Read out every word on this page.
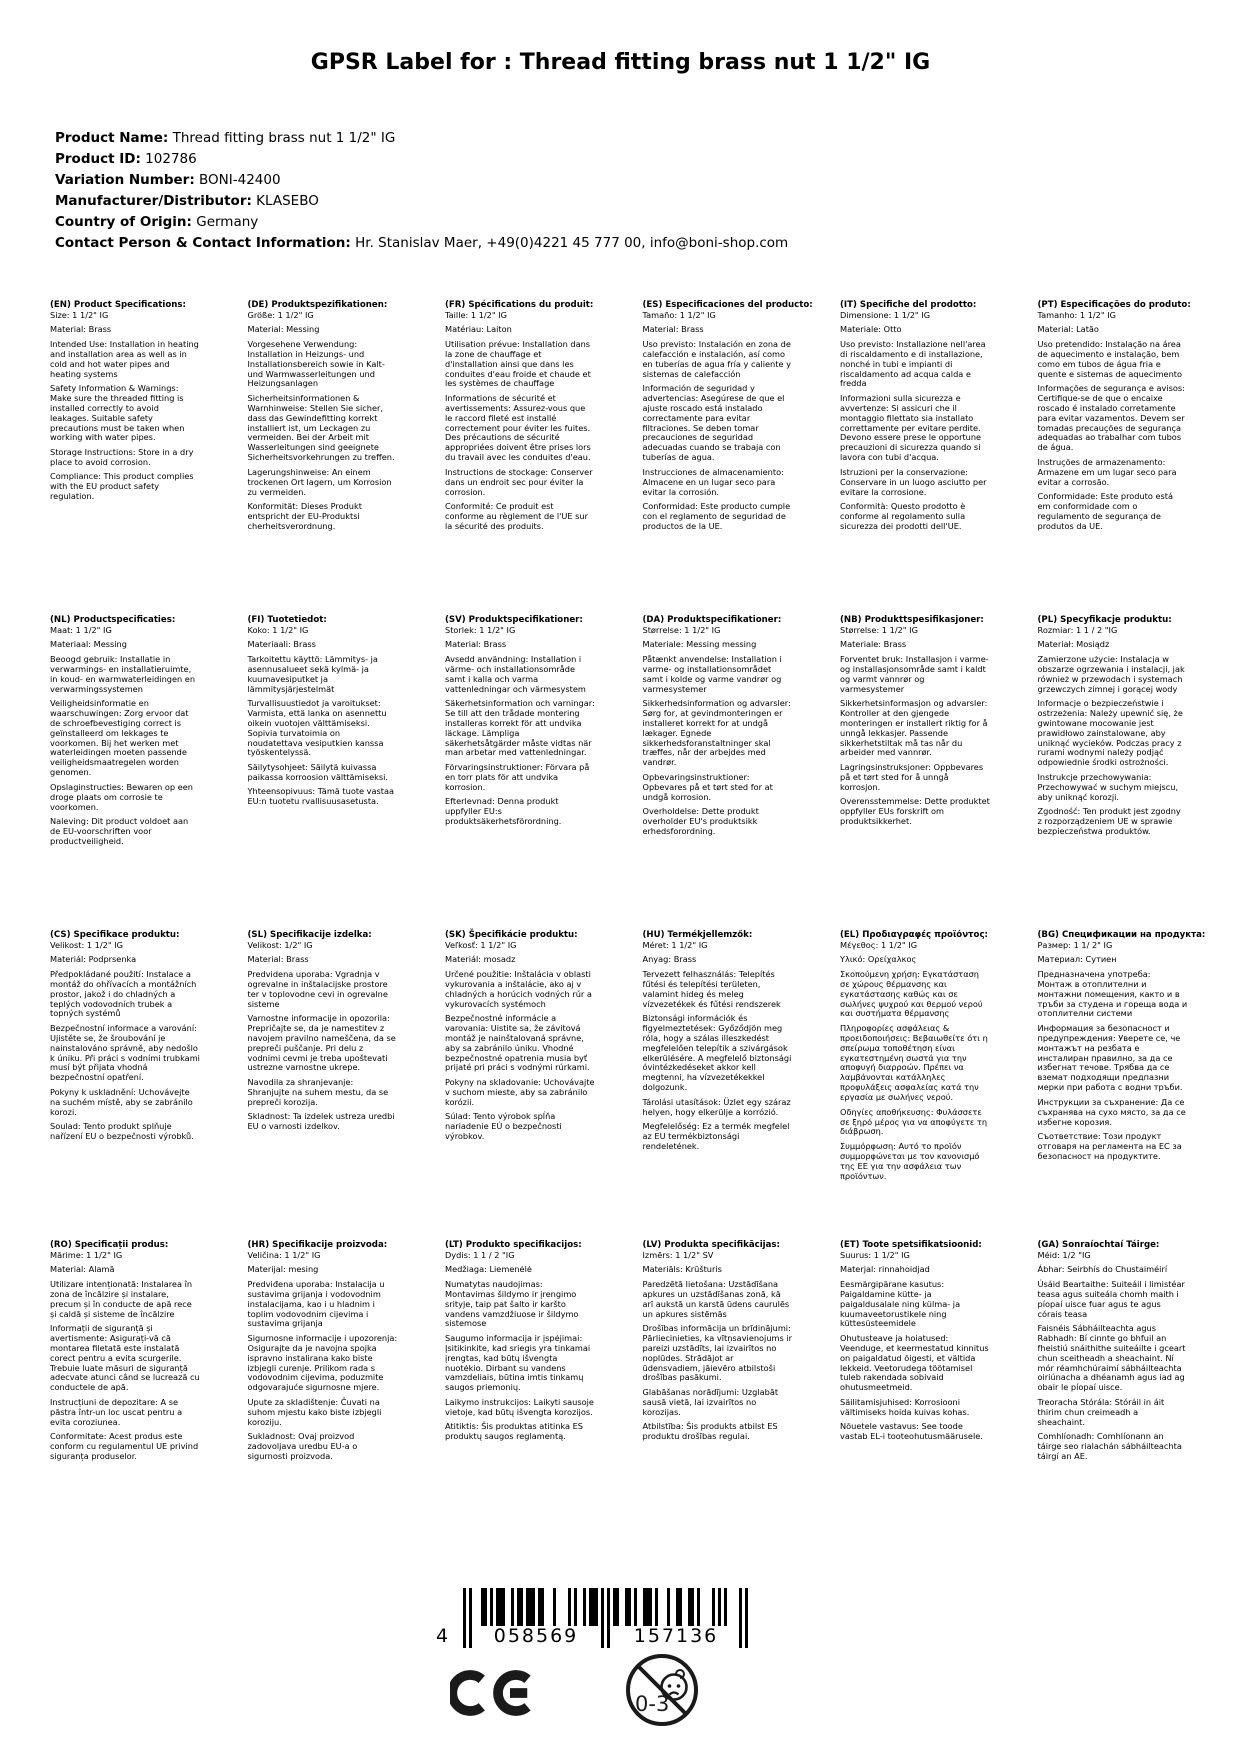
GPSR Label for : Thread fitting brass nut 1 1/2" IG
Product Name: Thread fitting brass nut 1 1/2" IG
Product ID: 102786
Variation Number: BONI-42400
Manufacturer/Distributor: KLASEBO
Country of Origin: Germany
Contact Person & Contact Information: Hr. Stanislav Maer, +49(0)4221 45 777 00, info@boni-shop.com
(EN) Product Specifications:

Size: 1 1/2" IG

Material: Brass

Intended Use: Installation in heating and installation area as well as in cold and hot water pipes and heating systems

Safety Information & Warnings: Make sure the threaded fitting is installed correctly to avoid leakages. Suitable safety precautions must be taken when working with water pipes.

Storage Instructions: Store in a dry place to avoid corrosion.

Compliance: This product complies with the EU product safety regulation.

(DE) Produktspezifikationen:

Größe: 1 1/2" IG

Material: Messing

Vorgesehene Verwendung: Installation in Heizungs- und Installationsbereich sowie in Kalt- und Warmwasserleitungen und Heizungsanlagen

Sicherheitsinformationen & Warnhinweise: Stellen Sie sicher, dass das Gewindefitting korrekt installiert ist, um Leckagen zu vermeiden. Bei der Arbeit mit Wasserleitungen sind geeignete Sicherheitsvorkehrungen zu treffen.

Lagerungshinweise: An einem trockenen Ort lagern, um Korrosion zu vermeiden.

Konformität: Dieses Produkt entspricht der EU-Produktsi cherheitsverordnung.

(FR) Spécifications du produit:

Taille: 1 1/2" IG

Matériau: Laiton

Utilisation prévue: Installation dans la zone de chauffage et d'installation ainsi que dans les conduites d'eau froide et chaude et les systèmes de chauffage

Informations de sécurité et avertissements: Assurez-vous que le raccord fileté est installé correctement pour éviter les fuites. Des précautions de sécurité appropriées doivent être prises lors du travail avec les conduites d'eau.

Instructions de stockage: Conserver dans un endroit sec pour éviter la corrosion.

Conformité: Ce produit est conforme au règlement de l'UE sur la sécurité des produits.

(ES) Especificaciones del producto:

Tamaño: 1 1/2" IG

Material: Brass

Uso previsto: Instalación en zona de calefacción e instalación, así como en tuberías de agua fría y caliente y sistemas de calefacción

Información de seguridad y advertencias: Asegúrese de que el ajuste roscado está instalado correctamente para evitar filtraciones. Se deben tomar precauciones de seguridad adecuadas cuando se trabaja con tuberías de agua.

Instrucciones de almacenamiento: Almacene en un lugar seco para evitar la corrosión.

Conformidad: Este producto cumple con el reglamento de seguridad de productos de la UE.

(IT) Specifiche del prodotto:

Dimensione: 1 1/2" IG

Materiale: Otto

Uso previsto: Installazione nell'area di riscaldamento e di installazione, nonché in tubi e impianti di riscaldamento ad acqua calda e fredda

Informazioni sulla sicurezza e avvertenze: Si assicuri che il montaggio filettato sia installato correttamente per evitare perdite. Devono essere prese le opportune precauzioni di sicurezza quando si lavora con tubi d'acqua.

Istruzioni per la conservazione: Conservare in un luogo asciutto per evitare la corrosione.

Conformità: Questo prodotto è conforme al regolamento sulla sicurezza dei prodotti dell'UE.

(PT) Especificações do produto:

Tamanho: 1 1/2" IG

Material: Latão

Uso pretendido: Instalação na área de aquecimento e instalação, bem como em tubos de água fria e quente e sistemas de aquecimento

Informações de segurança e avisos: Certifique-se de que o encaixe roscado é instalado corretamente para evitar vazamentos. Devem ser tomadas precauções de segurança adequadas ao trabalhar com tubos de água.

Instruções de armazenamento: Armazene em um lugar seco para evitar a corrosão.

Conformidade: Este produto está em conformidade com o regulamento de segurança de produtos da UE.

(NL) Productspecificaties:

Maat: 1 1/2" IG

Materiaal: Messing

Beoogd gebruik: Installatie in verwarmings- en installatieruimte, in koud- en warmwaterleidingen en verwarmingssystemen

Veiligheidsinformatie en waarschuwingen: Zorg ervoor dat de schroefbevestiging correct is geïnstalleerd om lekkages te voorkomen. Bij het werken met waterleidingen moeten passende veiligheidsmaatregelen worden genomen.

Opslaginstructies: Bewaren op een droge plaats om corrosie te voorkomen.

Naleving: Dit product voldoet aan de EU-voorschriften voor productveiligheid.

(FI) Tuotetiedot:

Koko: 1 1/2" IG

Materiaali: Brass

Tarkoitettu käyttö: Lämmitys- ja asennusalueet sekä kylmä- ja kuumavesiputket ja lämmitysjärjestelmät

Turvallisuustiedot ja varoitukset: Varmista, että lanka on asennettu oikein vuotojen välttämiseksi. Sopivia turvatoimia on noudatettava vesiputkien kanssa työskentelyssä.

Säilytysohjeet: Säilytä kuivassa paikassa korroosion välttämiseksi.

Yhteensopivuus: Tämä tuote vastaa EU:n tuotetu rvallisuusasetusta.

(SV) Produktspecifikationer:

Storlek: 1 1/2" IG

Material: Brass

Avsedd användning: Installation i värme- och installationsområde samt i kalla och varma vattenledningar och värmesystem

Säkerhetsinformation och varningar: Se till att den trådade montering installeras korrekt för att undvika läckage. Lämpliga säkerhetsåtgärder måste vidtas när man arbetar med vattenledningar.

Förvaringsinstruktioner: Förvara på en torr plats för att undvika korrosion.

Efterlevnad: Denna produkt uppfyller EU:s produktsäkerhetsförordning.

(DA) Produktspecifikationer:

Størrelse: 1 1/2" IG

Materiale: Messing messing

Påtænkt anvendelse: Installation i varme- og installationsområdet samt i kolde og varme vandrør og varmesystemer

Sikkerhedsinformation og advarsler: Sørg for, at gevindmonteringen er installeret korrekt for at undgå lækager. Egnede sikkerhedsforanstaltninger skal træffes, når der arbejdes med vandrør.

Opbevaringsinstruktioner: Opbevares på et tørt sted for at undgå korrosion.

Overholdelse: Dette produkt overholder EU's produktsikk erhedsforordning.

(NB) Produkttspesifikasjoner:

Størrelse: 1 1/2" IG

Materiale: Brass

Forventet bruk: Installasjon i varme- og installasjonsområde samt i kaldt og varmt vannrør og varmesystemer

Sikkerhetsinformasjon og advarsler: Kontroller at den gjengede monteringen er installert riktig for å unngå lekkasjer. Passende sikkerhetstiltak må tas når du arbeider med vannrør.

Lagringsinstruksjoner: Oppbevares på et tørt sted for å unngå korrosjon.

Overensstemmelse: Dette produktet oppfyller EUs forskrift om produktsikkerhet.

(PL) Specyfikacje produktu:

Rozmiar: 1 1 / 2 "IG

Materiał: Mosiądz

Zamierzone użycie: Instalacja w obszarze ogrzewania i instalacji, jak również w przewodach i systemach grzewczych zimnej i gorącej wody

Informacje o bezpieczeństwie i ostrzeżenia: Należy upewnić się, że gwintowane mocowanie jest prawidłowo zainstalowane, aby uniknąć wycieków. Podczas pracy z rurami wodnymi należy podjąć odpowiednie środki ostrożności.

Instrukcje przechowywania: Przechowywać w suchym miejscu, aby uniknąć korozji.

Zgodność: Ten produkt jest zgodny z rozporządzeniem UE w sprawie bezpieczeństwa produktów.

(CS) Specifikace produktu:

Velikost: 1 1/2" IG

Materiál: Podprsenka

Předpokládané použití: Instalace a montáž do ohřívacích a montážních prostor, jakož i do chladných a teplých vodovodních trubek a topných systémů

Bezpečnostní informace a varování: Ujistěte se, že šroubování je nainstalováno správně, aby nedošlo k úniku. Při práci s vodními trubkami musí být přijata vhodná bezpečnostní opatření.

Pokyny k uskladnění: Uchovávejte na suchém místě, aby se zabránilo korozi.

Soulad: Tento produkt splňuje nařízení EU o bezpečnosti výrobků.

(SL) Specifikacije izdelka:

Velikost: 1/2" IG

Material: Brass

Predvidena uporaba: Vgradnja v ogrevalne in inštalacijske prostore ter v toplovodne cevi in ogrevalne sisteme

Varnostne informacije in opozorila: Prepričajte se, da je namestitev z navojem pravilno nameščena, da se prepreči puščanje. Pri delu z vodnimi cevmi je treba upoštevati ustrezne varnostne ukrepe.

Navodila za shranjevanje: Shranjujte na suhem mestu, da se prepreči korozija.

Skladnost: Ta izdelek ustreza uredbi EU o varnosti izdelkov.

(SK) Špecifikácie produktu:

Veľkosť: 1 1/2" IG

Materiál: mosadz

Určené použitie: Inštalácia v oblasti vykurovania a inštalácie, ako aj v chladných a horúcich vodných rúr a vykurovacích systémoch

Bezpečnostné informácie a varovania: Uistite sa, že závitová montáž je nainštalovaná správne, aby sa zabránilo úniku. Vhodné bezpečnostné opatrenia musia byť prijaté pri práci s vodnými rúrkami.

Pokyny na skladovanie: Uchovávajte v suchom mieste, aby sa zabránilo korózii.

Súlad: Tento výrobok spĺňa nariadenie EÚ o bezpečnosti výrobkov.

(HU) Termékjellemzők:

Méret: 1 1/2" IG

Anyag: Brass

Tervezett felhasználás: Telepítés fűtési és telepítési területen, valamint hideg és meleg vízvezetékek és fűtési rendszerek

Biztonsági információk és figyelmeztetések: Győződjön meg róla, hogy a szálas illeszkedést megfelelően telepítik a szivárgások elkerülésére. A megfelelő biztonsági óvintézkedéseket akkor kell megtenni, ha vízvezetékekkel dolgozunk.

Tárolási utasítások: Üzlet egy száraz helyen, hogy elkerülje a korrózió.

Megfelelőség: Ez a termék megfelel az EU termékbiztonsági rendeletének.

(EL) Προδιαγραφές προϊόντος:

Μέγεθος: 1 1/2" IG

Υλικό: Ορείχαλκος

Σκοπούμενη χρήση: Εγκατάσταση σε χώρους θέρμανσης και εγκατάστασης καθώς και σε σωλήνες ψυχρού και θερμού νερού και συστήματα θέρμανσης

Πληροφορίες ασφάλειας & προειδοποιήσεις: Βεβαιωθείτε ότι η σπείρωμα τοποθέτηση είναι εγκατεστημένη σωστά για την αποφυγή διαρροών. Πρέπει να λαμβάνονται κατάλληλες προφυλάξεις ασφαλείας κατά την εργασία με σωλήνες νερού.

Οδηγίες αποθήκευσης: Φυλάσσετε σε ξηρό μέρος για να αποφύγετε τη διάβρωση.

Συμμόρφωση: Αυτό το προϊόν συμμορφώνεται με τον κανονισμό της ΕΕ για την ασφάλεια των προϊόντων.

(BG) Спецификации на продукта:

Размер: 1 1/ 2" IG

Материал: Сутиен

Предназначена употреба: Монтаж в отоплителни и монтажни помещения, както и в тръби за студена и гореща вода и отоплителни системи

Информация за безопасност и предупреждения: Уверете се, че монтажът на резбата е инсталиран правилно, за да се избегнат течове. Трябва да се вземат подходящи предпазни мерки при работа с водни тръби.

Инструкции за съхранение: Да се съхранява на сухо място, за да се избегне корозия.

Съответствие: Този продукт отговаря на регламента на ЕС за безопасност на продуктите.

(RO) Specificații produs:

Mărime: 1 1/2" IG

Material: Alamă

Utilizare intenționată: Instalarea în zona de încălzire și instalare, precum și în conducte de apă rece și caldă și sisteme de încălzire

Informații de siguranță și avertismente: Asigurați-vă că montarea filetată este instalată corect pentru a evita scurgerile. Trebuie luate măsuri de siguranță adecvate atunci când se lucrează cu conductele de apă.

Instrucțiuni de depozitare: A se păstra într-un loc uscat pentru a evita coroziunea.

Conformitate: Acest produs este conform cu regulamentul UE privind siguranța produselor.

(HR) Specifikacije proizvoda:

Veličina: 1 1/2" IG

Materijal: mesing

Predviđena uporaba: Instalacija u sustavima grijanja i vodovodnim instalacijama, kao i u hladnim i toplim vodovodnim cijevima i sustavima grijanja

Sigurnosne informacije i upozorenja: Osigurajte da je navojna spojka ispravno instalirana kako biste izbjegli curenje. Prilikom rada s vodovodnim cijevima, poduzmite odgovarajuće sigurnosne mjere.

Upute za skladištenje: Čuvati na suhom mjestu kako biste izbjegli koroziju.

Sukladnost: Ovaj proizvod zadovoljava uredbu EU-a o sigurnosti proizvoda.

(LT) Produkto specifikacijos:

Dydis: 1 1 / 2 "IG

Medžiaga: Liemenėlė

Numatytas naudojimas: Montavimas šildymo ir įrengimo srityje, taip pat šalto ir karšto vandens vamzdžiuose ir šildymo sistemose

Saugumo informacija ir įspėjimai: Įsitikinkite, kad sriegis yra tinkamai įrengtas, kad būtų išvengta nuotėkio. Dirbant su vandens vamzdeliais, būtina imtis tinkamų saugos priemonių.

Laikymo instrukcijos: Laikyti sausoje vietoje, kad būtų išvengta korozijos.

Atitiktis: Šis produktas atitinka ES produktų saugos reglamentą.

(LV) Produkta specifikācijas:

Izmērs: 1 1/2" SV

Materiāls: Krūšturis

Paredzētā lietošana: Uzstādīšana apkures un uzstādīšanas zonā, kā arī aukstā un karstā ūdens caurulēs un apkures sistēmās

Drošības informācija un brīdinājumi: Pārliecinieties, ka vītņsavienojums ir pareizi uzstādīts, lai izvairītos no noplūdes. Strādājot ar ūdensvadiem, jāievēro atbilstoši drošības pasākumi.

Glabāšanas norādījumi: Uzglabāt sausā vietā, lai izvairītos no korozijas.

Atbilstība: Šis produkts atbilst ES produktu drošības regulai.

(ET) Toote spetsifikatsioonid:

Suurus: 1 1/2" IG

Materjal: rinnahoidjad

Eesmärgipärane kasutus: Paigaldamine kütte- ja paigaldusalale ning külma- ja kuumaveetorustikele ning küttesüsteemidele

Ohutusteave ja hoiatused: Veenduge, et keermestatud kinnitus on paigaldatud õigesti, et vältida lekkeid. Veetorudega töötamisel tuleb rakendada sobivaid ohutusmeetmeid.

Säilitamisjuhised: Korrosiooni vältimiseks hoida kuivas kohas.

Nõuetele vastavus: See toode vastab EL-i tooteohutusmäärusele.

(GA) Sonraíochtaí Táirge:

Méid: 1/2 "IG

Ábhar: Seirbhís do Chustaiméirí

Úsáid Beartaithe: Suiteáil i limistéar teasa agus suiteála chomh maith i píopaí uisce fuar agus te agus córais teasa

Faisnéis Sábháilteachta agus Rabhadh: Bí cinnte go bhfuil an fheistiú snáithithe suiteáilte i gceart chun sceitheadh a sheachaint. Ní mór réamhchúraimí sábháilteachta oiriúnacha a dhéanamh agus iad ag obair le píopaí uisce.

Treoracha Stórála: Stóráil in áit thirim chun creimeadh a sheachaint.

Comhlíonadh: Comhlíonann an táirge seo rialachán sábháilteachta táirgí an AE.

4	058569	157136
0-3
